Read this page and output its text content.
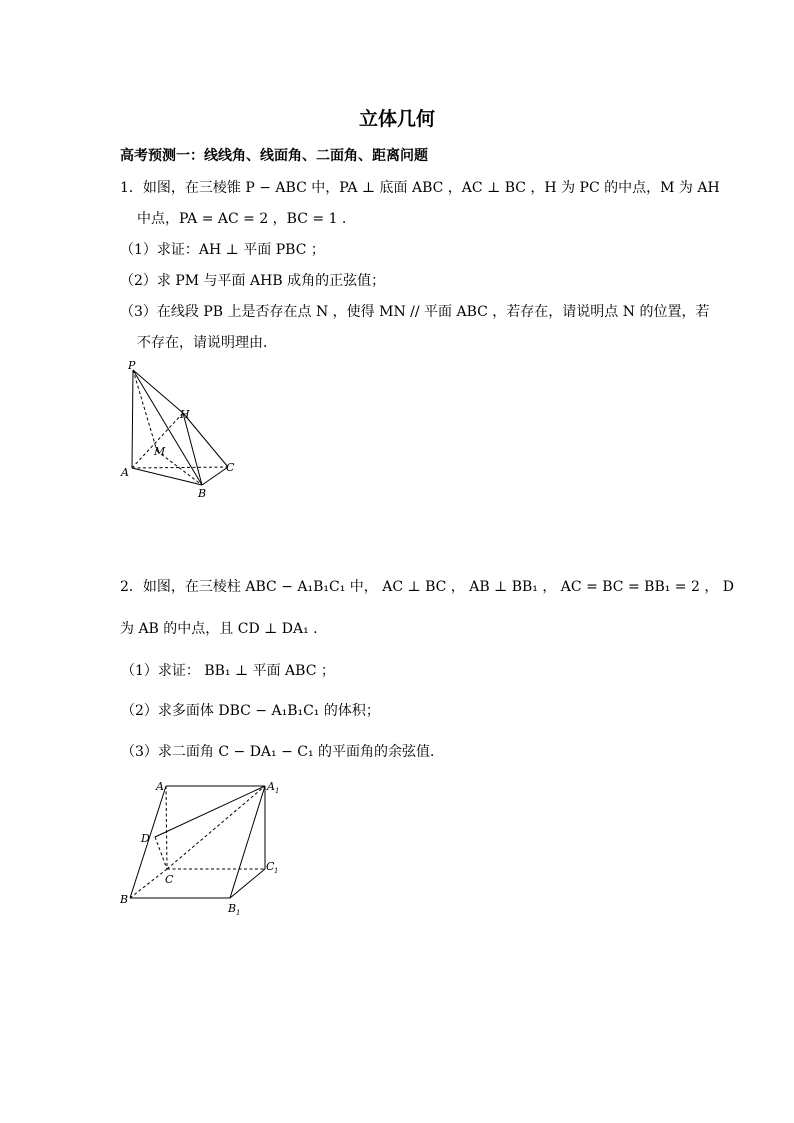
立体几何
高考预测一：线线角、线面角、二面角、距离问题
1．如图，在三棱锥 P − ABC 中，PA ⊥ 底面 ABC ，AC ⊥ BC ，H 为 PC 的中点，M 为 AH
中点，PA = AC = 2 ，BC = 1 .
（1）求证：AH ⊥ 平面 PBC ；
（2）求 PM 与平面 AHB 成角的正弦值；
（3）在线段 PB 上是否存在点 N ，使得 MN // 平面 ABC ，若存在，请说明点 N 的位置，若
不存在，请说明理由．
P
H
M
A
B
C
2．如图，在三棱柱 ABC − A₁B₁C₁ 中， AC ⊥ BC ， AB ⊥ BB₁ ， AC = BC = BB₁ = 2 ， D
为 AB 的中点，且 CD ⊥ DA₁ .
（1）求证： BB₁ ⊥ 平面 ABC ；
（2）求多面体 DBC − A₁B₁C₁ 的体积；
（3）求二面角 C − DA₁ − C₁ 的平面角的余弦值．
A	A 1
D
C
C 1
B
B 1
